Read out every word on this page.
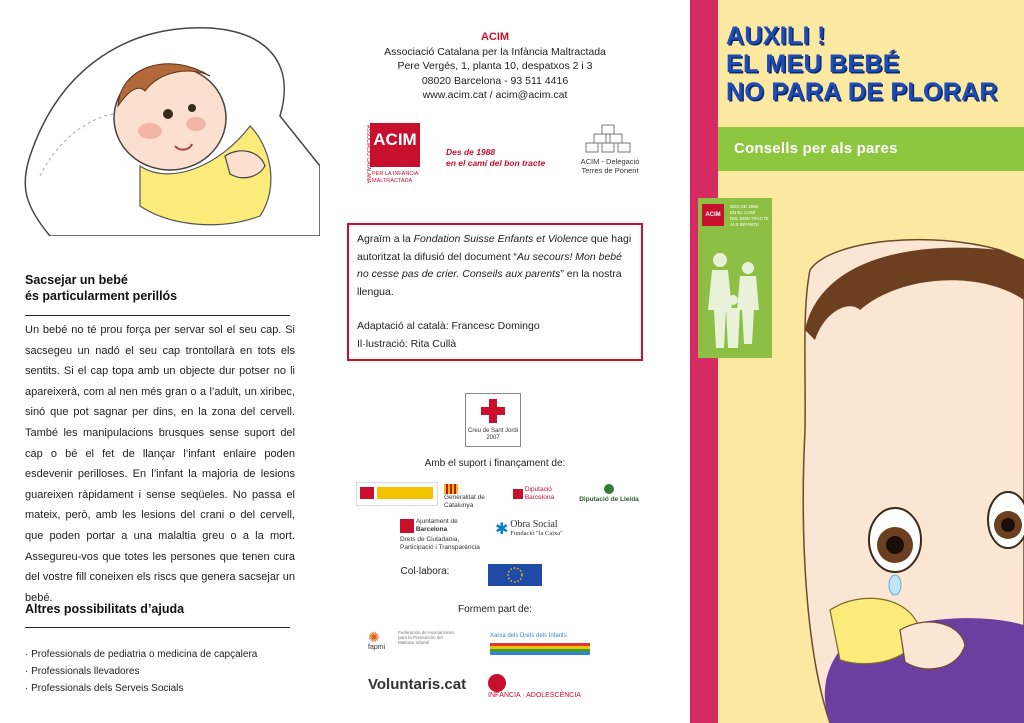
Sacsejar un bebé
és particularment perillós

Un bebé no té prou força per servar sol el seu cap. Si sacsegeu un nadó el seu cap trontollarà en tots els sentits. Si el cap topa amb un objecte dur potser no li apareixerà, com al nen més gran o a l’adult, un xiribec, sinó que pot sagnar per dins, en la zona del cervell. També les manipulacions brusques sense suport del cap o bé el fet de llançar l’infant enlaire poden esdevenir perilloses. En l’infant la majoria de lesions guareixen ràpidament i sense seqüeles. No passa el mateix, però, amb les lesions del crani o del cervell, que poden portar a una malaltia greu o a la mort. Assegureu-vos que totes les persones que tenen cura del vostre fill coneixen els riscs que genera sacsejar un bebé.

Altres possibilitats d’ajuda
· Professionals de pediatria o medicina de capçalera
· Professionals llevadores
· Professionals dels Serveis Socials
ACIM
Associació Catalana per la Infància Maltractada
Pere Vergés, 1, planta 10, despatxos 2 i 3
08020 Barcelona - 93 511 4416
www.acim.cat / acim@acim.cat
ACIM
ASSOCIACIÓ CATALANA PER LA INFÀNCIA
MALTRACTADA
Des de 1988
en el camí del bon tracte	ACIM - Delegació
Terres de Ponent

Agraïm a la Fondation Suisse Enfants et Violence que hagi autoritzat la difusió del document “Au secours! Mon bebé no cesse pas de crier. Conseils aux parents” en la nostra llengua.

Adaptació al català: Francesc Domingo

Il·lustració: Rita Cullà

Creu de Sant Jordi
2007
Amb el suport i finançament de:
Generalitat de Catalunya
Diputació
Barcelona	Diputació de Lleida
Ajuntament de
Barcelona
Drets de Ciutadania,
Participació i Transparència
✱ Obra Social
Fundació "la Caixa"
Col·labora:
Formem part de:
✺
fapmi
Federación de Asociaciones para la Prevención del Maltrato Infantil
Xarxa dels Drets dels Infants
Voluntaris.cat
INFÀNCIA · ADOLESCÈNCIA
AUXILI !
EL MEU BEBÉ
NO PARA DE PLORAR
Consells per als pares
ACIM
DES DE 1988
EN EL CAMÍ
DEL BON TRACTE
ALS INFANTS
